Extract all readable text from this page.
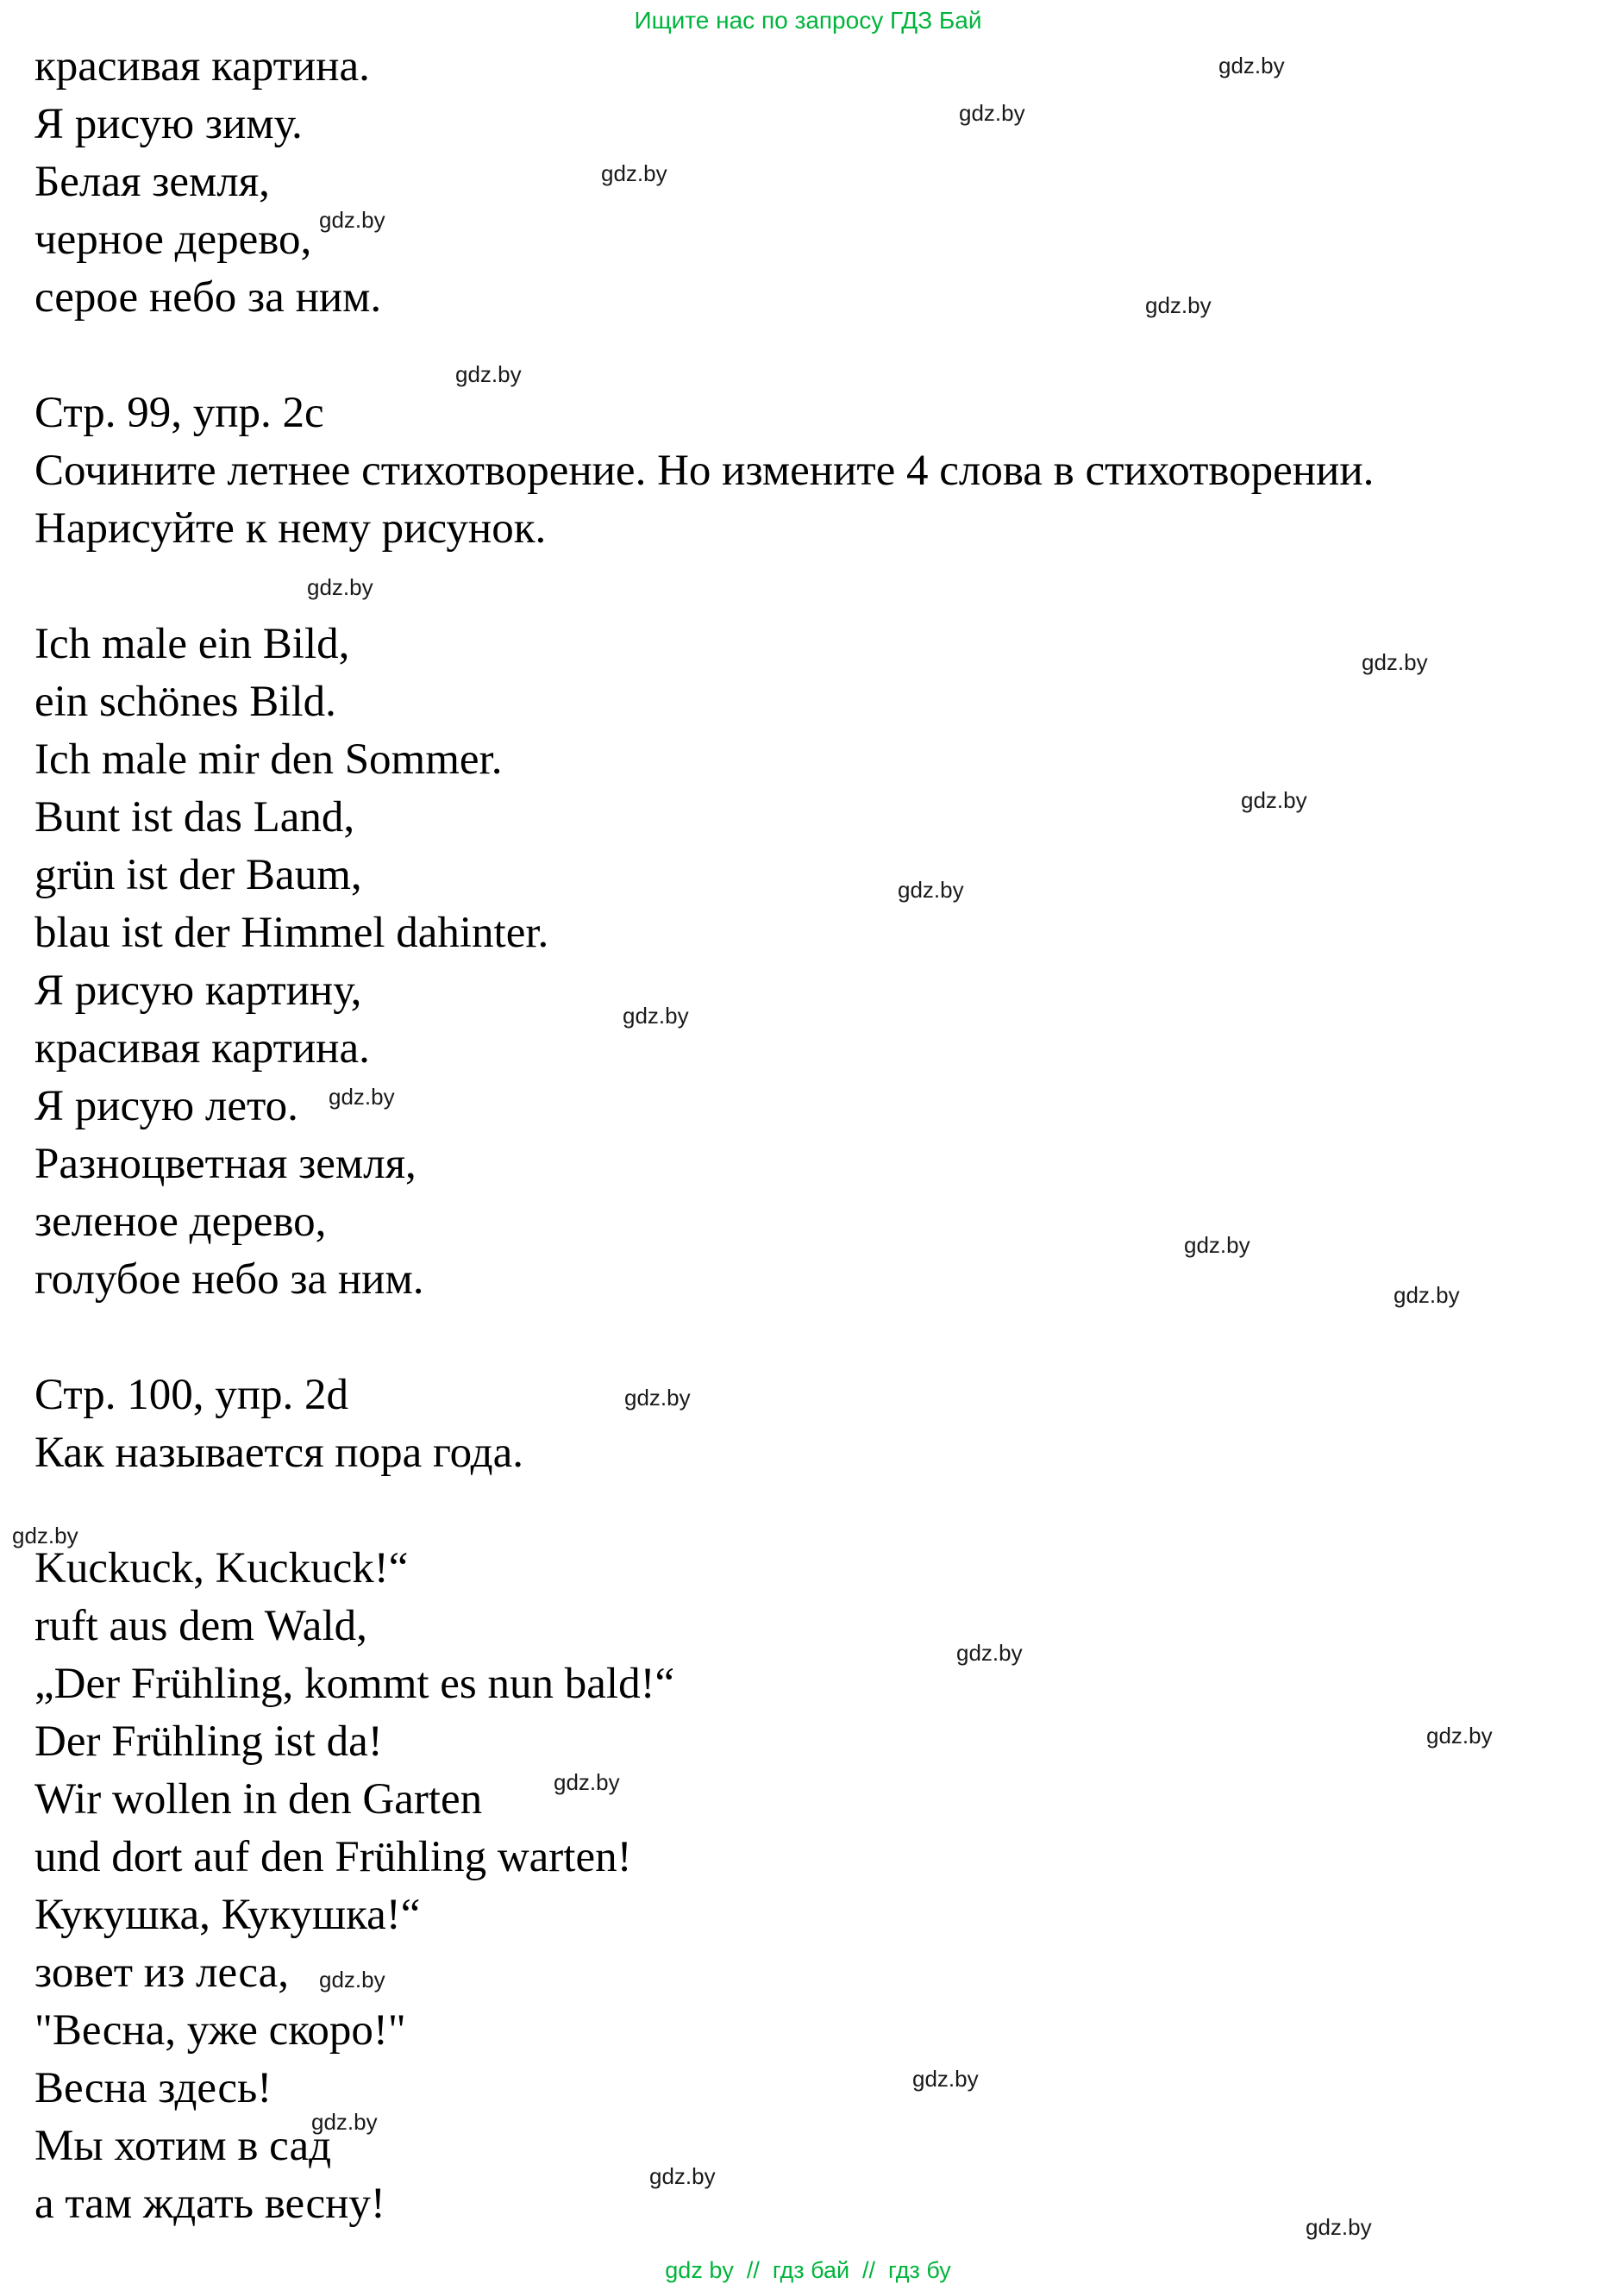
Ищите нас по запросу ГДЗ Бай
красивая картина.
Я рисую зиму.
Белая земля,
черное дерево,
серое небо за ним.
Стр. 99, упр. 2c
Сочините летнее стихотворение. Но измените 4 слова в стихотворении.
Нарисуйте к нему рисунок.
Ich male ein Bild,
ein schönes Bild.
Ich male mir den Sommer.
Bunt ist das Land,
grün ist der Baum,
blau ist der Himmel dahinter.
Я рисую картину,
красивая картина.
Я рисую лето.
Разноцветная земля,
зеленое дерево,
голубое небо за ним.
Стр. 100, упр. 2d
Как называется пора года.
Kuckuck, Kuckuck!“
ruft aus dem Wald,
„Der Frühling, kommt es nun bald!“
Der Frühling ist da!
Wir wollen in den Garten
und dort auf den Frühling warten!
Кукушка, Кукушка!“
зовет из леса,
"Весна, уже скоро!"
Весна здесь!
Мы хотим в сад
а там ждать весну!
gdz.by
gdz.by
gdz.by
gdz.by
gdz.by
gdz.by
gdz.by
gdz.by
gdz.by
gdz.by
gdz.by
gdz.by
gdz.by
gdz.by
gdz.by
gdz.by
gdz.by
gdz.by
gdz.by
gdz.by
gdz.by
gdz.by
gdz.by
gdz.by
gdz by  //  гдз бай  //  гдз бу
